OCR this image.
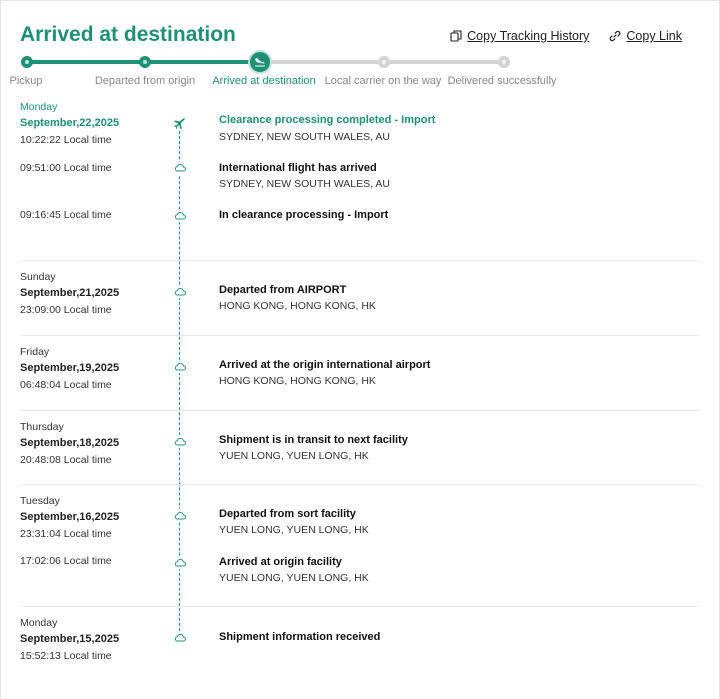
Arrived at destination	Copy Tracking History	Copy Link
Pickup	Departed from origin Arrived at destination Local carrier on the way Delivered successfully
Monday
September,22,2025
10:22:22 Local time
Clearance processing completed - Import
SYDNEY, NEW SOUTH WALES, AU
09:51:00 Local time	International flight has arrived
SYDNEY, NEW SOUTH WALES, AU
09:16:45 Local time	In clearance processing - Import
Sunday
September,21,2025
23:09:00 Local time
Departed from AIRPORT
HONG KONG, HONG KONG, HK
Friday
September,19,2025
06:48:04 Local time
Arrived at the origin international airport
HONG KONG, HONG KONG, HK
Thursday
September,18,2025
20:48:08 Local time
Shipment is in transit to next facility
YUEN LONG, YUEN LONG, HK
Tuesday
September,16,2025
23:31:04 Local time
Departed from sort facility
YUEN LONG, YUEN LONG, HK
17:02:06 Local time	Arrived at origin facility
YUEN LONG, YUEN LONG, HK
Monday
September,15,2025
15:52:13 Local time
Shipment information received
